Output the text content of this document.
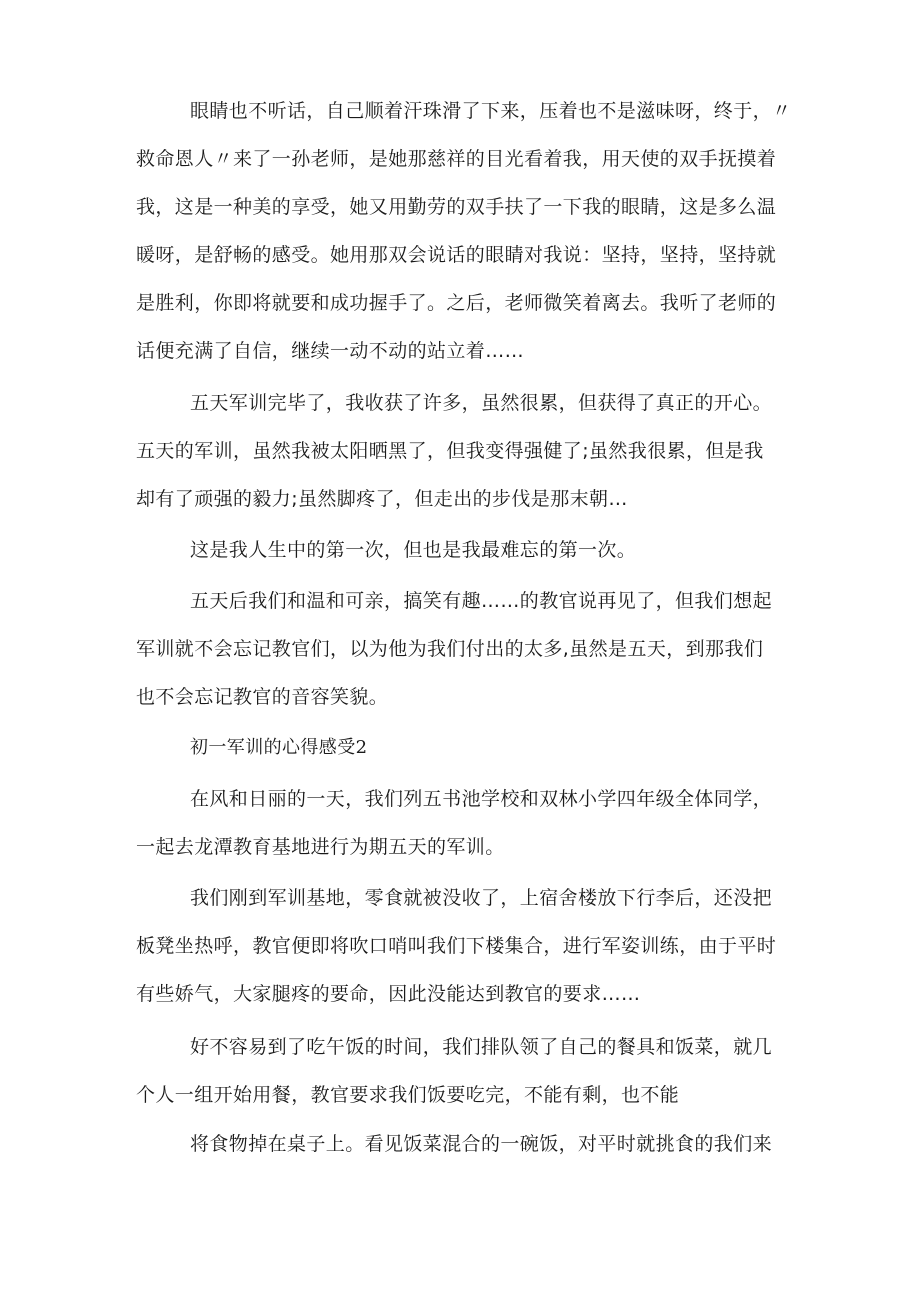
眼睛也不听话，自己顺着汗珠滑了下来，压着也不是滋味呀，终于，〃
救命恩人〃来了一孙老师，是她那慈祥的目光看着我，用天使的双手抚摸着
我，这是一种美的享受，她又用勤劳的双手扶了一下我的眼睛，这是多么温
暖呀，是舒畅的感受。她用那双会说话的眼睛对我说：坚持，坚持，坚持就
是胜利，你即将就要和成功握手了。之后，老师微笑着离去。我听了老师的
话便充满了自信，继续一动不动的站立着……
五天军训完毕了，我收获了许多，虽然很累，但获得了真正的开心。
五天的军训，虽然我被太阳晒黑了，但我变得强健了;虽然我很累，但是我
却有了顽强的毅力;虽然脚疼了，但走出的步伐是那末朝…
这是我人生中的第一次，但也是我最难忘的第一次。
五天后我们和温和可亲，搞笑有趣……的教官说再见了，但我们想起
军训就不会忘记教官们，以为他为我们付出的太多,虽然是五天，到那我们
也不会忘记教官的音容笑貌。
初一军训的心得感受2
在风和日丽的一天，我们列五书池学校和双林小学四年级全体同学，
一起去龙潭教育基地进行为期五天的军训。
我们刚到军训基地，零食就被没收了，上宿舍楼放下行李后，还没把
板凳坐热呼，教官便即将吹口哨叫我们下楼集合，进行军姿训练，由于平时
有些娇气，大家腿疼的要命，因此没能达到教官的要求……
好不容易到了吃午饭的时间，我们排队领了自己的餐具和饭菜，就几
个人一组开始用餐，教官要求我们饭要吃完，不能有剩，也不能
将食物掉在桌子上。看见饭菜混合的一碗饭，对平时就挑食的我们来
